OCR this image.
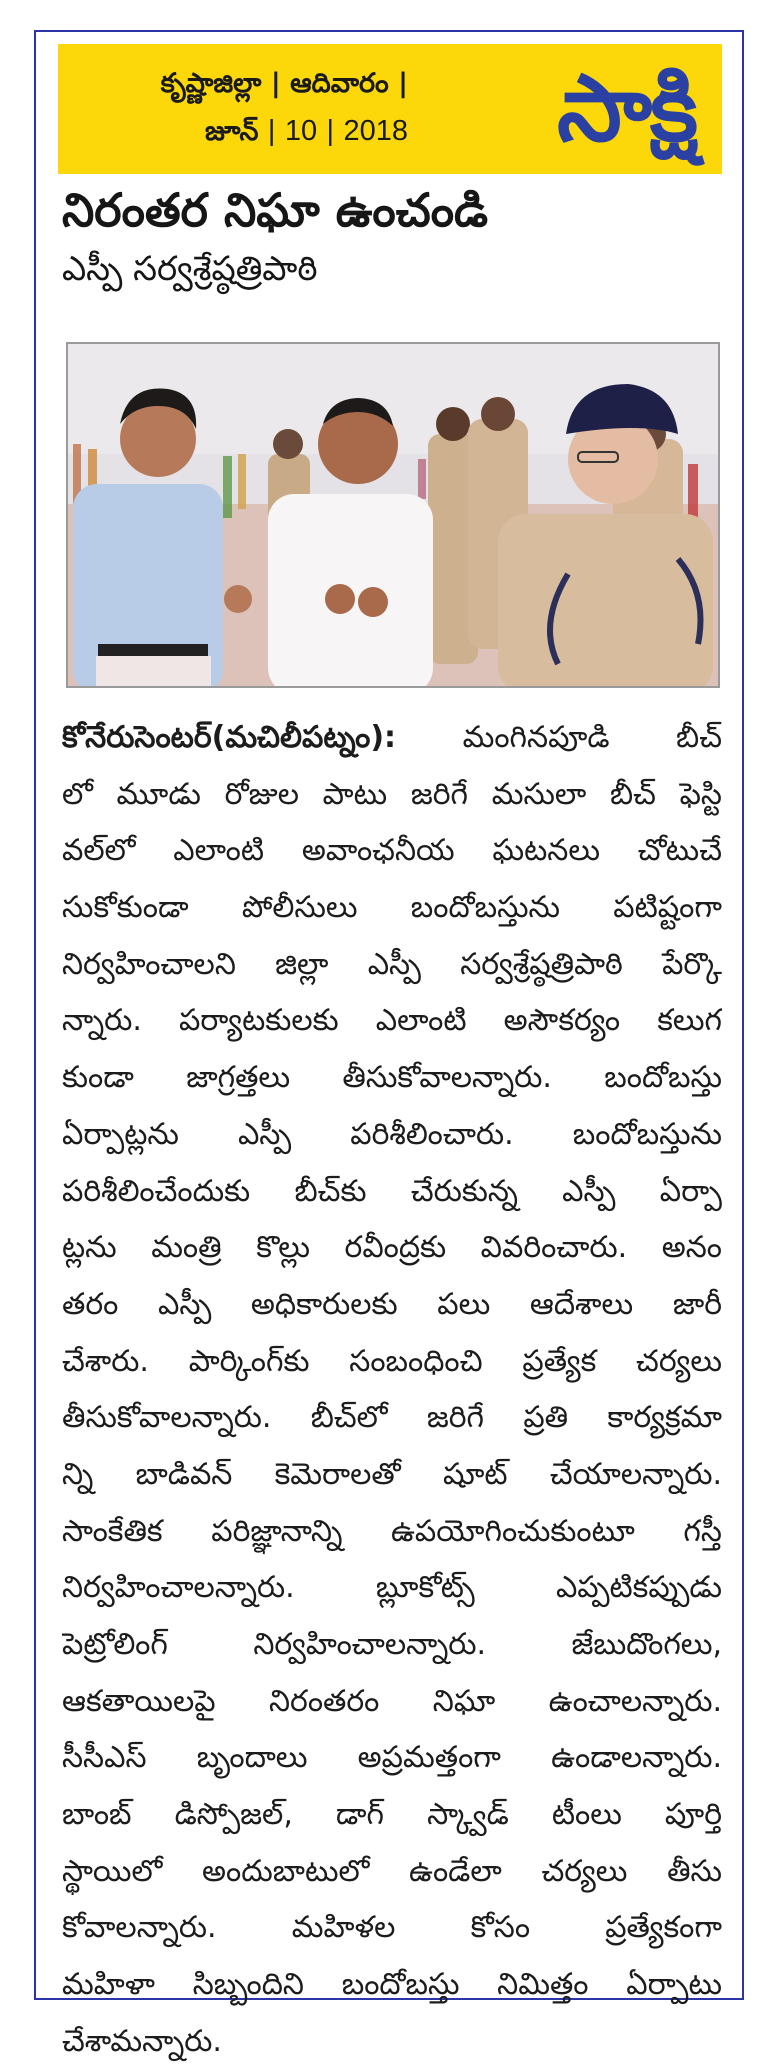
కృష్ణాజిల్లా | ఆదివారం |
జూన్ | 10 | 2018 సాక్షి
నిరంతర నిఘా ఉంచండి
ఎస్పీ సర్వశ్రేష్ఠత్రిపాఠి
కోనేరుసెంటర్(మచిలీపట్నం): మంగినపూడి బీచ్
లో మూడు రోజుల పాటు జరిగే మసులా బీచ్ ఫెస్టి
వల్‌లో ఎలాంటి అవాంఛనీయ ఘటనలు చోటుచే
సుకోకుండా పోలీసులు బందోబస్తును పటిష్టంగా
నిర్వహించాలని జిల్లా ఎస్పీ సర్వశ్రేష్ఠత్రిపాఠి పేర్కొ
న్నారు. పర్యాటకులకు ఎలాంటి అసౌకర్యం కలుగ
కుండా జాగ్రత్తలు తీసుకోవాలన్నారు. బందోబస్తు
ఏర్పాట్లను ఎస్పీ పరిశీలించారు. బందోబస్తును
పరిశీలించేందుకు బీచ్‌కు చేరుకున్న ఎస్పీ ఏర్పా
ట్లను మంత్రి కొల్లు రవీంద్రకు వివరించారు. అనం
తరం ఎస్పీ అధికారులకు పలు ఆదేశాలు జారీ
చేశారు. పార్కింగ్‌కు సంబంధించి ప్రత్యేక చర్యలు
తీసుకోవాలన్నారు. బీచ్‌లో జరిగే ప్రతి కార్యక్రమా
న్ని బాడివన్ కెమెరాలతో షూట్ చేయాలన్నారు.
సాంకేతిక పరిజ్ఞానాన్ని ఉపయోగించుకుంటూ గస్తీ
నిర్వహించాలన్నారు. బ్లూకోట్స్ ఎప్పటికప్పుడు
పెట్రోలింగ్ నిర్వహించాలన్నారు. జేబుదొంగలు,
ఆకతాయిలపై నిరంతరం నిఘా ఉంచాలన్నారు.
సీసీఎస్ బృందాలు అప్రమత్తంగా ఉండాలన్నారు.
బాంబ్ డిస్పోజల్, డాగ్ స్క్వాడ్ టీంలు పూర్తి
స్థాయిలో అందుబాటులో ఉండేలా చర్యలు తీసు
కోవాలన్నారు. మహిళల కోసం ప్రత్యేకంగా
మహిళా సిబ్బందిని బందోబస్తు నిమిత్తం ఏర్పాటు
చేశామన్నారు.
